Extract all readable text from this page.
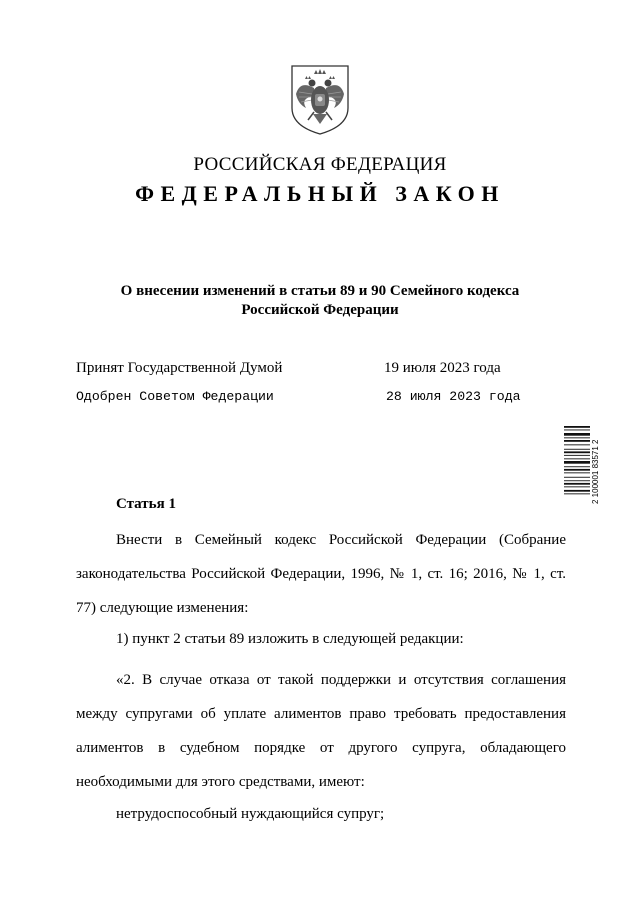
РОССИЙСКАЯ ФЕДЕРАЦИЯ
ФЕДЕРАЛЬНЫЙ ЗАКОН
О внесении изменений в статьи 89 и 90 Семейного кодекса
Российской Федерации
Принят Государственной Думой	19 июля 2023 года
Одобрен Советом Федерации	28 июля 2023 года
2 100001 83571 2
Статья 1
Внести в Семейный кодекс Российской Федерации (Собрание законодательства Российской Федерации, 1996, № 1, ст. 16; 2016, № 1, ст. 77) следующие изменения:
1) пункт 2 статьи 89 изложить в следующей редакции:
«2. В случае отказа от такой поддержки и отсутствия соглашения между супругами об уплате алиментов право требовать предоставления алиментов в судебном порядке от другого супруга, обладающего необходимыми для этого средствами, имеют:
нетрудоспособный нуждающийся супруг;
